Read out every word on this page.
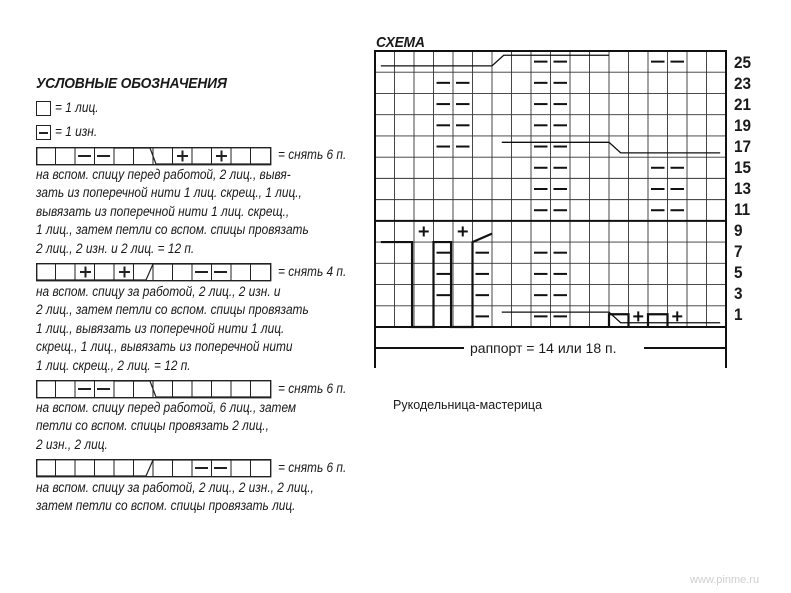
УСЛОВНЫЕ ОБОЗНАЧЕНИЯ
= 1 лиц.
= 1 изн.
= снять 6 п.
на вспом. спицу перед работой, 2 лиц., вывя-
зать из поперечной нити 1 лиц. скрещ., 1 лиц.,
вывязать из поперечной нити 1 лиц. скрещ.,
1 лиц., затем петли со вспом. спицы провязать
2 лиц., 2 изн. и 2 лиц. = 12 п.
= снять 4 п.
на вспом. спицу за работой, 2 лиц., 2 изн. и
2 лиц., затем петли со вспом. спицы провязать
1 лиц., вывязать из поперечной нити 1 лиц.
скрещ., 1 лиц., вывязать из поперечной нити
1 лиц. скрещ., 2 лиц. = 12 п.
= снять 6 п.
на вспом. спицу перед работой, 6 лиц., затем
петли со вспом. спицы провязать 2 лиц.,
2 изн., 2 лиц.
= снять 6 п.
на вспом. спицу за работой, 2 лиц., 2 изн., 2 лиц.,
затем петли со вспом. спицы провязать лиц.
СХЕМА
раппорт = 14 или 18 п.
25
23
21
19
17
15
13
11
9
7
5
3
1
Рукодельница-мастерица
www.pinme.ru
